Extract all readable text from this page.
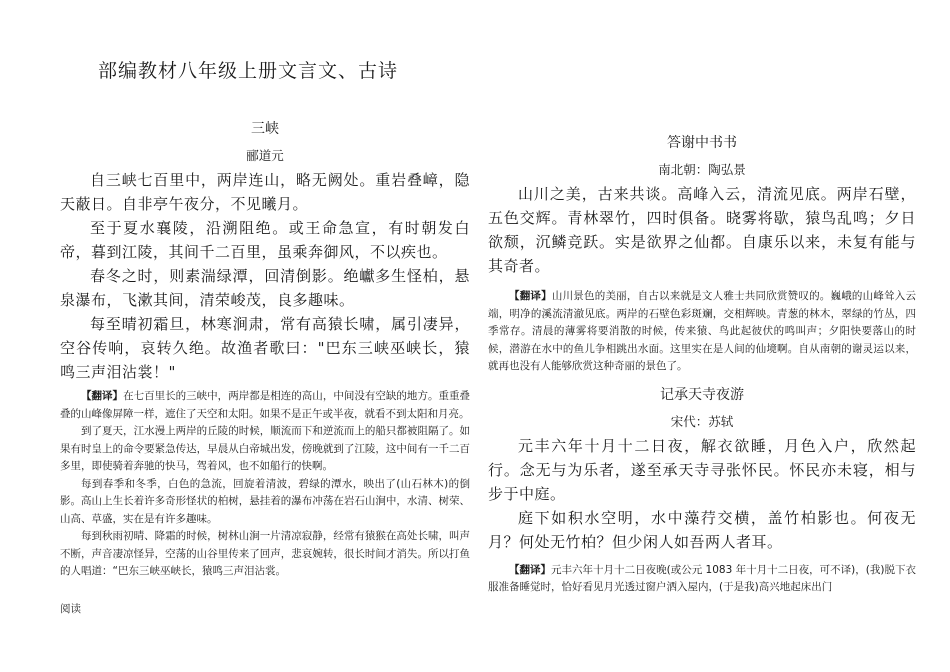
部编教材八年级上册文言文、古诗
三峡
郦道元

自三峡七百里中，两岸连山，略无阙处。重岩叠嶂，隐天蔽日。自非亭午夜分，不见曦月。

至于夏水襄陵，沿溯阻绝。或王命急宣，有时朝发白帝，暮到江陵，其间千二百里，虽乘奔御风，不以疾也。

春冬之时，则素湍绿潭，回清倒影。绝巘多生怪柏，悬泉瀑布，飞漱其间，清荣峻茂，良多趣味。

每至晴初霜旦，林寒涧肃，常有高猿长啸，属引凄异，空谷传响，哀转久绝。故渔者歌曰："巴东三峡巫峡长，猿鸣三声泪沾裳！"

【翻译】在七百里长的三峡中，两岸都是相连的高山，中间没有空缺的地方。重重叠叠的山峰像屏障一样，遮住了天空和太阳。如果不是正午或半夜，就看不到太阳和月亮。

到了夏天，江水漫上两岸的丘陵的时候，顺流而下和逆流而上的船只都被阻隔了。如果有时皇上的命令要紧急传达，早晨从白帝城出发，傍晚就到了江陵，这中间有一千二百多里，即使骑着奔驰的快马，驾着风，也不如船行的快啊。

每到春季和冬季，白色的急流，回旋着清波，碧绿的潭水，映出了(山石林木)的倒影。高山上生长着许多奇形怪状的柏树，悬挂着的瀑布冲荡在岩石山涧中，水清、树荣、山高、草盛，实在是有许多趣味。

每到秋雨初晴、降霜的时候，树林山涧一片清凉寂静，经常有猿猴在高处长啸，叫声不断，声音凄凉怪异，空荡的山谷里传来了回声，悲哀婉转，很长时间才消失。所以打鱼的人唱道：“巴东三峡巫峡长，猿鸣三声泪沾裳。

答谢中书书
南北朝：陶弘景

山川之美，古来共谈。高峰入云，清流见底。两岸石壁，五色交辉。青林翠竹，四时俱备。晓雾将歇，猿鸟乱鸣；夕日欲颓，沉鳞竞跃。实是欲界之仙都。自康乐以来，未复有能与其奇者。

【翻译】山川景色的美丽，自古以来就是文人雅士共同欣赏赞叹的。巍峨的山峰耸入云端，明净的溪流清澈见底。两岸的石壁色彩斑斓，交相辉映。青葱的林木，翠绿的竹丛，四季常存。清晨的薄雾将要消散的时候，传来猿、鸟此起彼伏的鸣叫声；夕阳快要落山的时候，潜游在水中的鱼儿争相跳出水面。这里实在是人间的仙境啊。自从南朝的谢灵运以来，就再也没有人能够欣赏这种奇丽的景色了。

记承天寺夜游
宋代：苏轼

元丰六年十月十二日夜，解衣欲睡，月色入户，欣然起行。念无与为乐者，遂至承天寺寻张怀民。怀民亦未寝，相与步于中庭。

庭下如积水空明，水中藻荇交横，盖竹柏影也。何夜无月？何处无竹柏？但少闲人如吾两人者耳。

【翻译】元丰六年十月十二日夜晚(或公元 1083 年十月十二日夜，可不译)，(我)脱下衣服准备睡觉时，恰好看见月光透过窗户洒入屋内，(于是我)高兴地起床出门

阅读
